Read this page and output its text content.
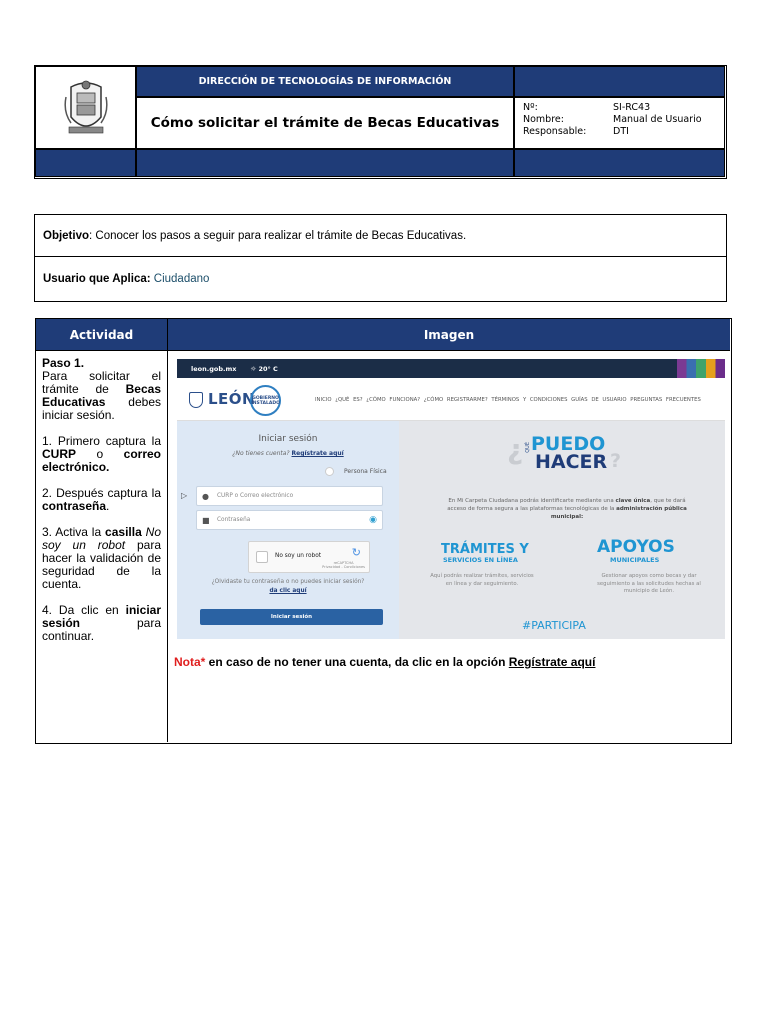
DIRECCIÓN DE TECNOLOGÍAS DE INFORMACIÓN
Cómo solicitar el trámite de Becas Educativas
Nº:	SI-RC43
Nombre:	Manual de Usuario
Responsable:	DTI
Objetivo: Conocer los pasos a seguir para realizar el trámite de Becas Educativas.
Usuario que Aplica: Ciudadano
Actividad	Imagen

Paso 1.
Para solicitar el trámite de Becas Educativas debes iniciar sesión.

1. Primero captura la CURP o correo electrónico.

2. Después captura la contraseña.

3. Activa la casilla No soy un robot para hacer la validación de seguridad de la cuenta.

4. Da clic en iniciar sesión para continuar.

leon.gob.mx ☼ 20° C
LEÓN
GOBIERNO INSTALADO	INICIO ¿QUÉ ES? ¿CÓMO FUNCIONA? ¿CÓMO REGISTRARME? TÉRMINOS Y CONDICIONES GUÍAS DE USUARIO PREGUNTAS FRECUENTES
Iniciar sesión
¿No tienes cuenta? Regístrate aquí
Persona Física
▷ ● CURP o Correo electrónico
■ Contraseña	◉
No soy un robot	↻
reCAPTCHA
Privacidad - Condiciones
¿Olvidaste tu contraseña o no puedes iniciar sesión?
da clic aquí
Iniciar sesión
¿ QUÉ PUEDO
HACER ?
En Mi Carpeta Ciudadana podrás identificarte mediante una clave única, que te dará acceso de forma segura a las plataformas tecnológicas de la administración pública municipal:
TRÁMITES Y
SERVICIOS EN LÍNEA
APOYOS
MUNICIPALES
Aquí podrás realizar trámites, servicios en línea y dar seguimiento.
Gestionar apoyos como becas y dar seguimiento a las solicitudes hechas al municipio de León.
#PARTICIPA
Nota* en caso de no tener una cuenta, da clic en la opción Regístrate aquí
